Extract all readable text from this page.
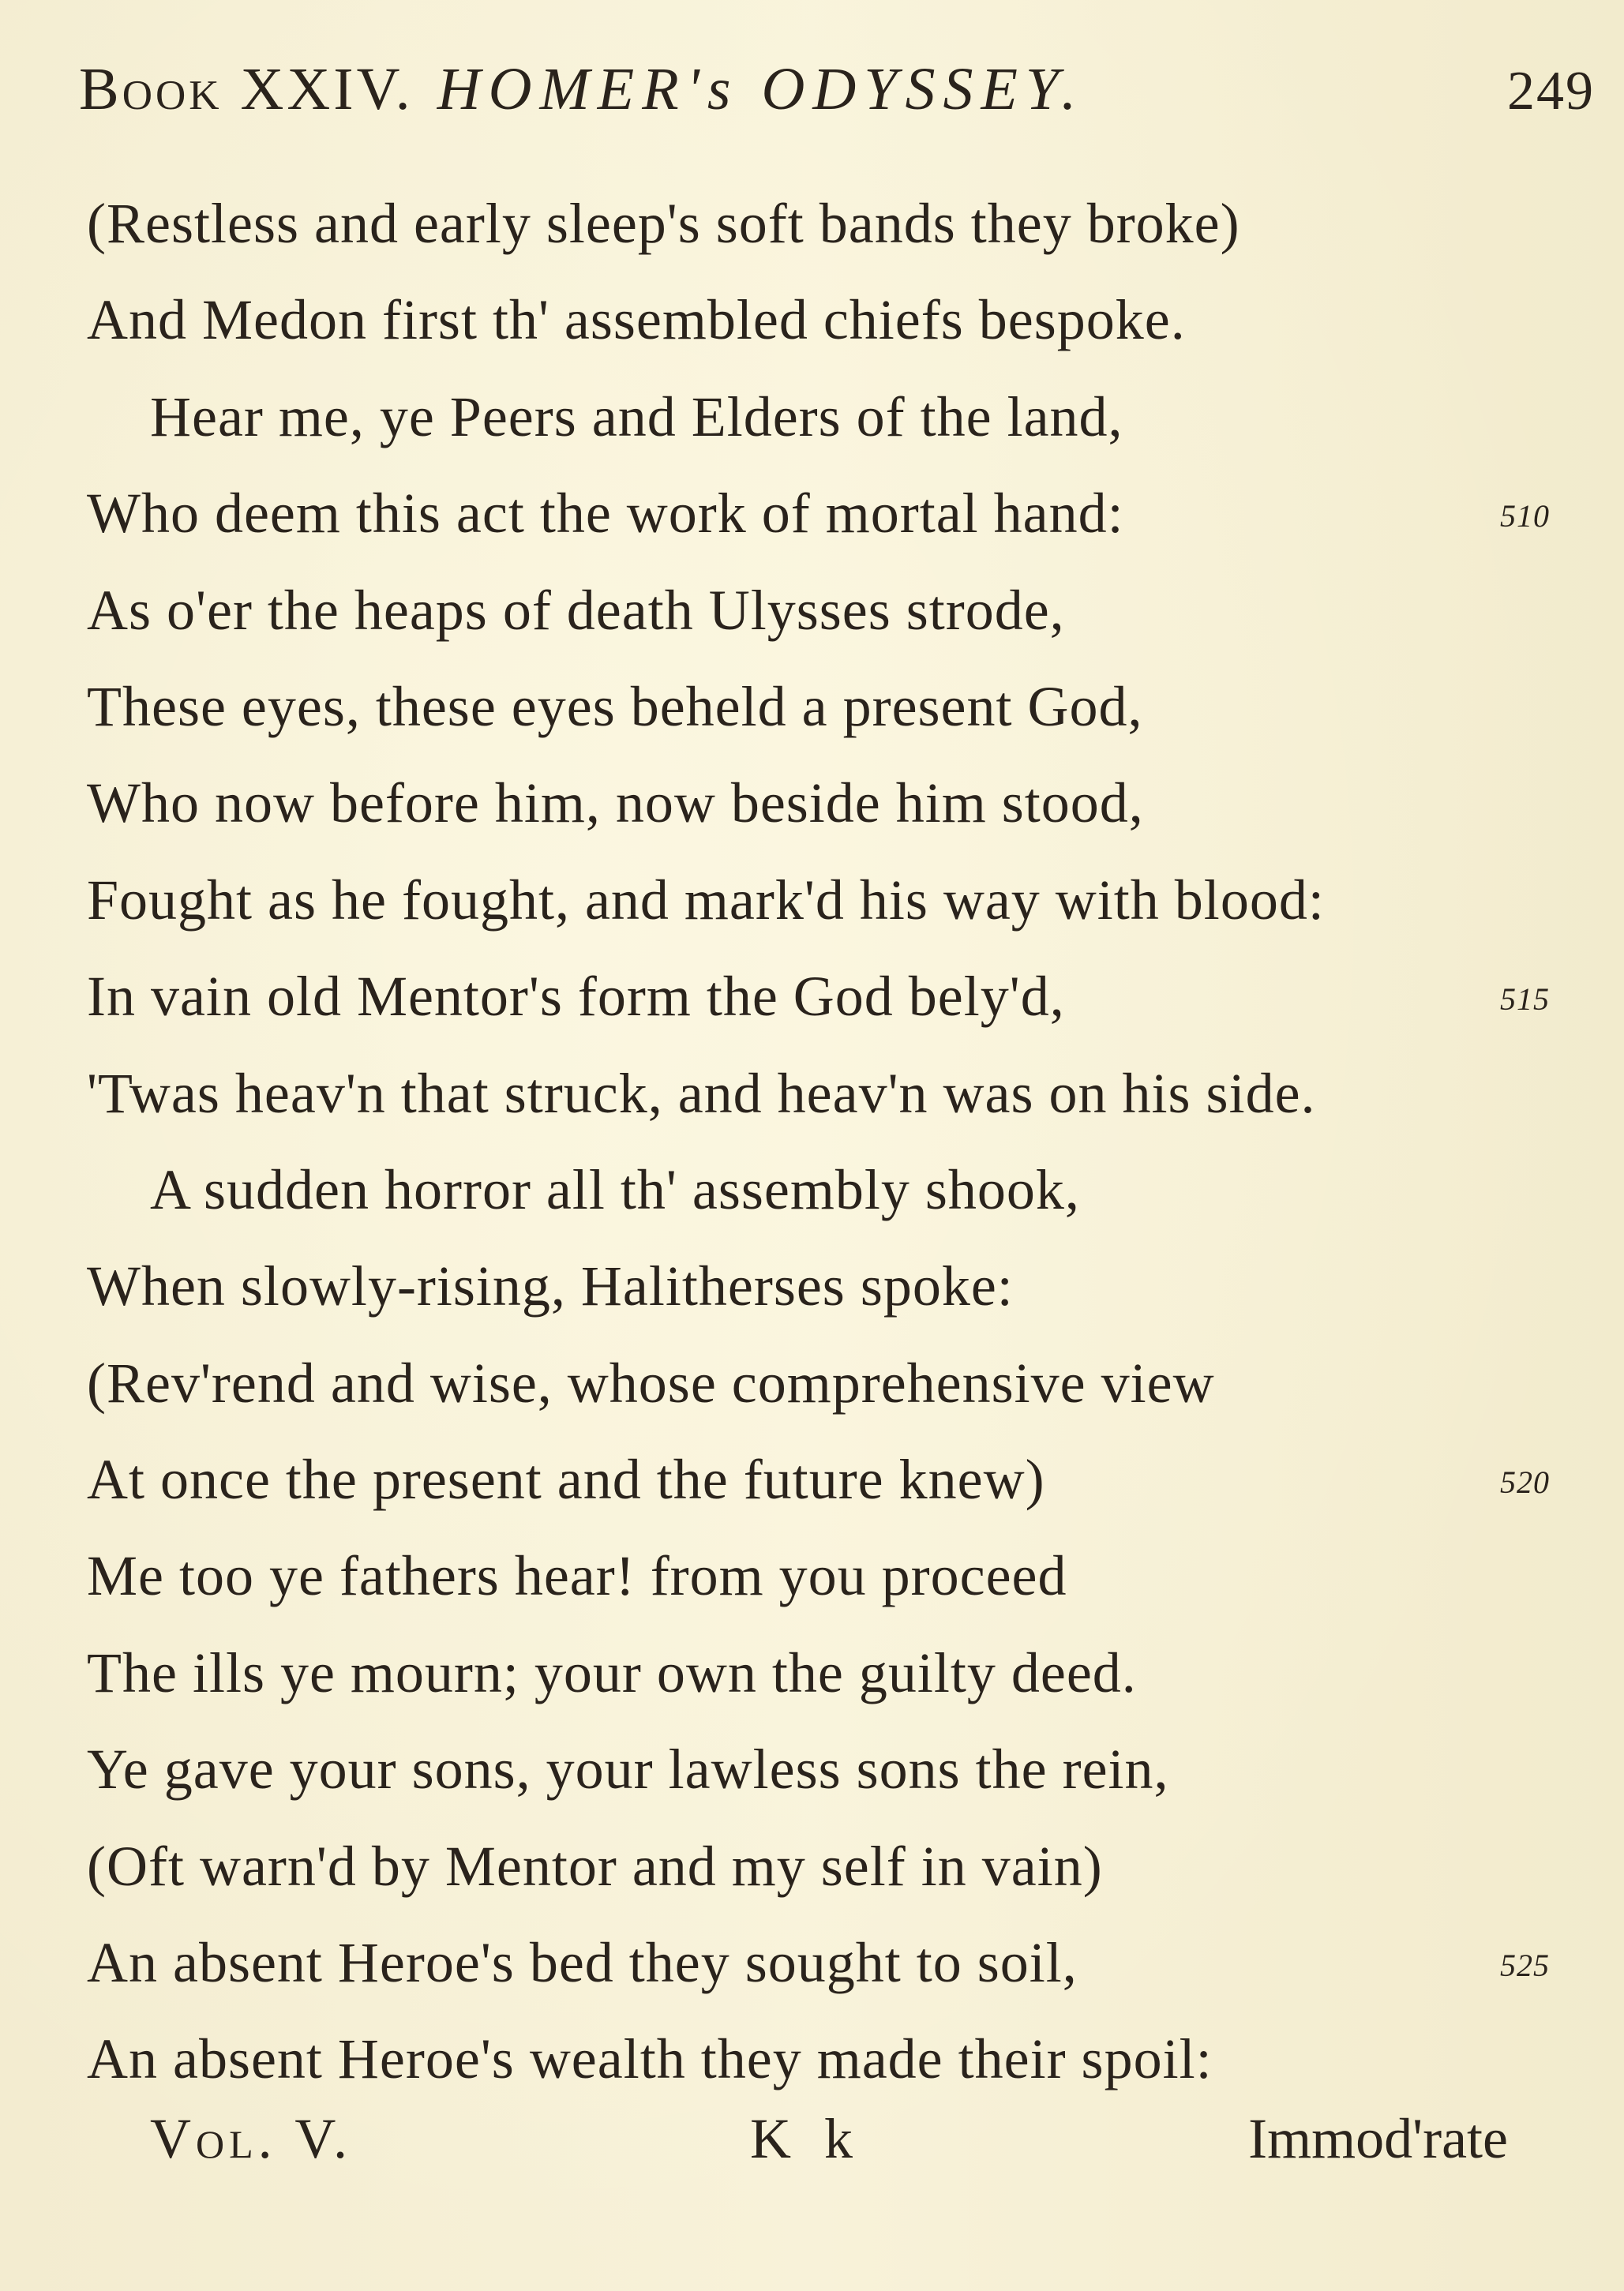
Book XXIV. HOMER's ODYSSEY.	249
(Restless and early sleep's soft bands they broke)
And Medon first th' assembled chiefs bespoke.
Hear me, ye Peers and Elders of the land,
Who deem this act the work of mortal hand:	510
As o'er the heaps of death Ulysses strode,
These eyes, these eyes beheld a present God,
Who now before him, now beside him stood,
Fought as he fought, and mark'd his way with blood:
In vain old Mentor's form the God bely'd,	515
'Twas heav'n that struck, and heav'n was on his side.
A sudden horror all th' assembly shook,
When slowly-rising, Halitherses spoke:
(Rev'rend and wise, whose comprehensive view
At once the present and the future knew)	520
Me too ye fathers hear! from you proceed
The ills ye mourn; your own the guilty deed.
Ye gave your sons, your lawless sons the rein,
(Oft warn'd by Mentor and my self in vain)
An absent Heroe's bed they sought to soil,	525
An absent Heroe's wealth they made their spoil:
Vol. V.	K k	Immod'rate
